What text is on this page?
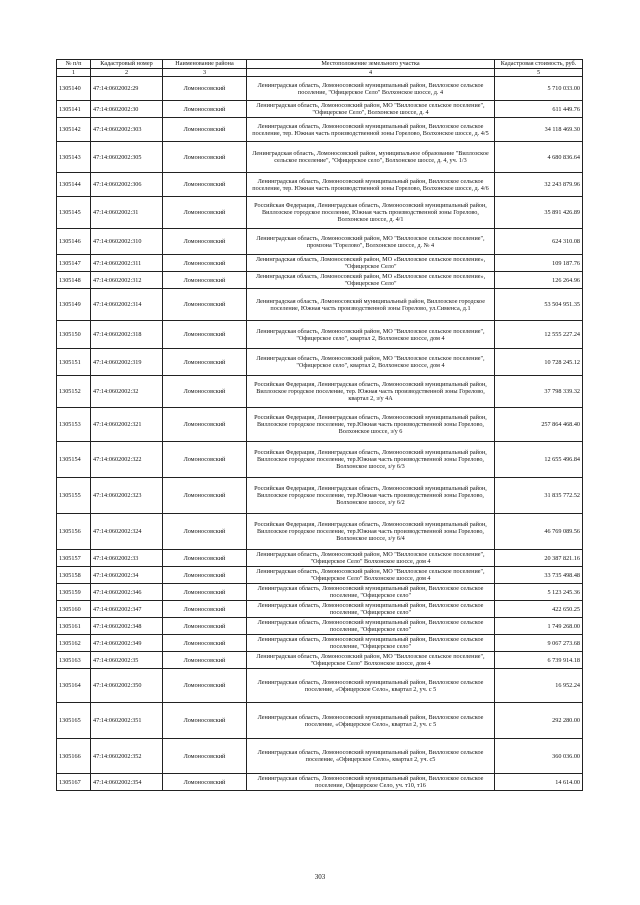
№ п/п	Кадастровый номер	Наименование района	Местоположение земельного участка	Кадастровая стоимость, руб.
1	2	3	4	5
1305140	47:14:0602002:29	Ломоносовский	Ленинградская область, Ломоносовский муниципальный район, Виллозское сельское поселение, "Офицерское Село" Волхонское шоссе, д. 4	5 710 033.00
1305141	47:14:0602002:30	Ломоносовский	Ленинградская область, Ломоносовский район, МО "Виллозское сельское поселение", "Офицерское Село", Волхонское шоссе, д. 4	611 449.76
1305142	47:14:0602002:303	Ломоносовский	Ленинградская область, Ломоносовский муниципальный район, Виллозское сельское поселение, тер. Южная часть производственной зоны Горелово, Волхонское шоссе, д. 4/5	34 118 469.30
1305143	47:14:0602002:305	Ломоносовский	Ленинградская область, Ломоносовский район, муниципальное образование "Виллозское сельское поселение", "Офицерское село", Волхонское шоссе, д. 4, уч. 1/3	4 680 836.64
1305144	47:14:0602002:306	Ломоносовский	Ленинградская область, Ломоносовский муниципальный район, Виллозское сельское поселение, тер. Южная часть производственной зоны Горелово, Волхонское шоссе, д. 4/6	32 243 879.96
1305145	47:14:0602002:31	Ломоносовский	Российская Федерация, Ленинградская область, Ломоносовский муниципальный район, Виллозское городское поселение, Южная часть производственной зоны Горелово, Волхонское шоссе, д. 4/1	35 891 426.89
1305146	47:14:0602002:310	Ломоносовский	Ленинградская область, Ломоносовский район, МО "Виллозское сельское поселение", промзона "Горелово", Волхонское шоссе, д. № 4	624 310.08
1305147	47:14:0602002:311	Ломоносовский	Ленинградская область, Ломоносовский район, МО «Виллозское сельское поселение», "Офицерское Село"	109 187.76
1305148	47:14:0602002:312	Ломоносовский	Ленинградская область, Ломоносовский район, МО «Виллозское сельское поселение», "Офицерское Село"	126 264.96
1305149	47:14:0602002:314	Ломоносовский	Ленинградская область, Ломоносовский муниципальный район, Виллозское городское поселение, Южная часть производственной зоны Горелово, ул.Сименса, д.1	53 504 951.35
1305150	47:14:0602002:318	Ломоносовский	Ленинградская область, Ломоносовский район, МО "Виллозское сельское поселение", "Офицерское село", квартал 2, Волхонское шоссе, дом 4	12 555 227.24
1305151	47:14:0602002:319	Ломоносовский	Ленинградская область, Ломоносовский район, МО "Виллозское сельское поселение", "Офицерское село", квартал 2, Волхонское шоссе, дом 4	10 728 245.12
1305152	47:14:0602002:32	Ломоносовский	Российская Федерация, Ленинградская область, Ломоносовский муниципальный район, Виллозское городское поселение, тер. Южная часть производственной зоны Горелово, квартал 2, з/у 4А	37 798 339.32
1305153	47:14:0602002:321	Ломоносовский	Российская Федерация, Ленинградская область, Ломоносовский муниципальный район, Виллозское городское поселение, тер.Южная часть производственной зоны Горелово, Волхонское шоссе, з/у 6	257 864 468.40
1305154	47:14:0602002:322	Ломоносовский	Российская Федерация, Ленинградская область, Ломоносовский муниципальный район, Виллозское городское поселение, тер.Южная часть производственной зоны Горелово, Волхонское шоссе, з/у 6/3	12 655 496.84
1305155	47:14:0602002:323	Ломоносовский	Российская Федерация, Ленинградская область, Ломоносовский муниципальный район, Виллозское городское поселение, тер.Южная часть производственной зоны Горелово, Волхонское шоссе, з/у 6/2	31 835 772.52
1305156	47:14:0602002:324	Ломоносовский	Российская Федерация, Ленинградская область, Ломоносовский муниципальный район, Виллозское городское поселение, тер.Южная часть производственной зоны Горелово, Волхонское шоссе, з/у 6/4	46 769 089.56
1305157	47:14:0602002:33	Ломоносовский	Ленинградская область, Ломоносовский район, МО "Виллозское сельское поселение", "Офицерское Село" Волхонское шоссе, дом 4	20 387 821.16
1305158	47:14:0602002:34	Ломоносовский	Ленинградская область, Ломоносовский район, МО "Виллозское сельское поселение", "Офицерское Село" Волхонское шоссе, дом 4	33 735 498.48
1305159	47:14:0602002:346	Ломоносовский	Ленинградская область, Ломоносовский муниципальный район, Виллозское сельское поселение, "Офицерское село"	5 123 245.36
1305160	47:14:0602002:347	Ломоносовский	Ленинградская область, Ломоносовский муниципальный район, Виллозское сельское поселение, "Офицерское село"	422 650.25
1305161	47:14:0602002:348	Ломоносовский	Ленинградская область, Ломоносовский муниципальный район, Виллозское сельское поселение, "Офицерское село"	1 749 268.00
1305162	47:14:0602002:349	Ломоносовский	Ленинградская область, Ломоносовский муниципальный район, Виллозское сельское поселение, "Офицерское село"	9 067 273.68
1305163	47:14:0602002:35	Ломоносовский	Ленинградская область, Ломоносовский район, МО "Виллозское сельское поселение", "Офицерское Село" Волхонское шоссе, дом 4	6 739 914.18
1305164	47:14:0602002:350	Ломоносовский	Ленинградская область, Ломоносовский муниципальный район, Виллозское сельское поселение, «Офицерское Село», квартал 2, уч. с 5	16 952.24
1305165	47:14:0602002:351	Ломоносовский	Ленинградская область, Ломоносовский муниципальный район, Виллозское сельское поселение, «Офицерское Село», квартал 2, уч. с 5	292 280.00
1305166	47:14:0602002:352	Ломоносовский	Ленинградская область, Ломоносовский муниципальный район, Виллозское сельское поселение, «Офицерское Село», квартал 2, уч. с5	360 036.00
1305167	47:14:0602002:354	Ломоносовский	Ленинградская область, Ломоносовский муниципальный район, Виллозское сельское поселение, Офицерское Село, уч. т10, т16	14 614.00
303
